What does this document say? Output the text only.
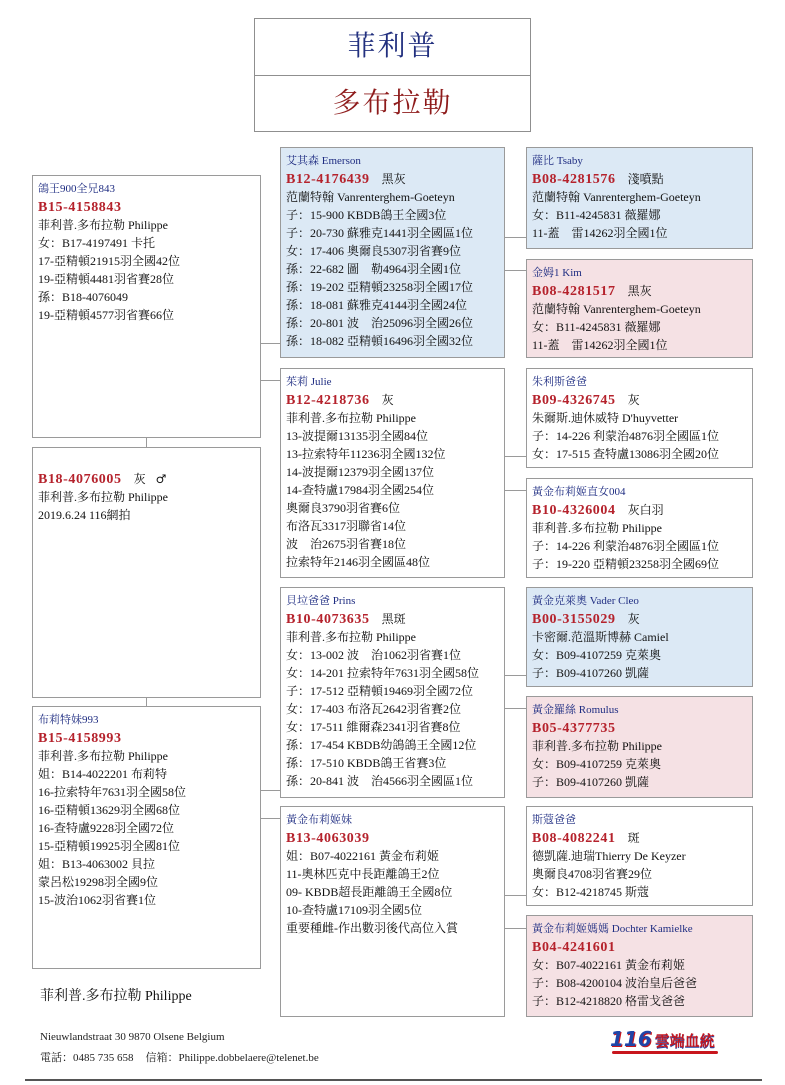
菲利普
多布拉勒
鴿王900全兄843
B15-4158843
菲利普.多布拉勒 Philippe
女：B17-4197491 卡托
17-亞精頓21915羽全國42位
19-亞精頓4481羽省賽28位
孫：B18-4076049
19-亞精頓4577羽省賽66位
B18-4076005 灰 ♂
菲利普.多布拉勒 Philippe
2019.6.24 116網拍
布莉特妹993
B15-4158993
菲利普.多布拉勒 Philippe
姐：B14-4022201 布莉特
16-拉索特年7631羽全國58位
16-亞精頓13629羽全國68位
16-查特盧9228羽全國72位
15-亞精頓19925羽全國81位
姐：B13-4063002 貝拉
蒙呂松19298羽全國9位
15-波治1062羽省賽1位
艾其森 Emerson
B12-4176439 黑灰
范蘭特翰 Vanrenterghem-Goeteyn
子：15-900 KBDB鴿王全國3位
子：20-730 蘇雅克1441羽全國區1位
女：17-406 奧爾良5307羽省賽9位
孫：22-682 圖　勒4964羽全國1位
孫：19-202 亞精頓23258羽全國17位
孫：18-081 蘇雅克4144羽全國24位
孫：20-801 波　治25096羽全國26位
孫：18-082 亞精頓16496羽全國32位
茱莉 Julie
B12-4218736 灰
菲利普.多布拉勒 Philippe
13-波提爾13135羽全國84位
13-拉索特年11236羽全國132位
14-波提爾12379羽全國137位
14-查特盧17984羽全國254位
奧爾良3790羽省賽6位
布洛瓦3317羽聯省14位
波　治2675羽省賽18位
拉索特年2146羽全國區48位
貝垃爸爸 Prins
B10-4073635 黑斑
菲利普.多布拉勒 Philippe
女：13-002 波　治1062羽省賽1位
女：14-201 拉索特年7631羽全國58位
子：17-512 亞精頓19469羽全國72位
女：17-403 布洛瓦2642羽省賽2位
女：17-511 維爾森2341羽省賽8位
孫：17-454 KBDB幼鴿鴿王全國12位
孫：17-510 KBDB鴿王省賽3位
孫：20-841 波　治4566羽全國區1位
黃金布莉姬妹
B13-4063039
姐：B07-4022161 黃金布莉姬
11-奧林匹克中長距離鴿王2位
09- KBDB超長距離鴿王全國8位
10-查特盧17109羽全國5位
重要種雌-作出數羽後代高位入賞
薩比 Tsaby
B08-4281576 淺噴點
范蘭特翰 Vanrenterghem-Goeteyn
女：B11-4245831 薇羅娜
11-蓋　雷14262羽全國1位
金姆1 Kim
B08-4281517 黑灰
范蘭特翰 Vanrenterghem-Goeteyn
女：B11-4245831 薇羅娜
11-蓋　雷14262羽全國1位
朱利斯爸爸
B09-4326745 灰
朱爾斯.迪休威特 D'huyvetter
子：14-226 利蒙治4876羽全國區1位
女：17-515 查特盧13086羽全國20位
黃金布莉姬直女004
B10-4326004 灰白羽
菲利普.多布拉勒 Philippe
子：14-226 利蒙治4876羽全國區1位
子：19-220 亞精頓23258羽全國69位
黃金克萊奧 Vader Cleo
B00-3155029 灰
卡密爾.范溫斯博赫 Camiel
女：B09-4107259 克萊奧
子：B09-4107260 凱薩
黃金羅絲 Romulus
B05-4377735
菲利普.多布拉勒 Philippe
女：B09-4107259 克萊奧
子：B09-4107260 凱薩
斯蔻爸爸
B08-4082241 斑
德凱薩.迪瑞Thierry De Keyzer
奧爾良4708羽省賽29位
女：B12-4218745 斯蔻
黃金布莉姬媽媽 Dochter Kamielke
B04-4241601
女：B07-4022161 黃金布莉姬
子：B08-4200104 波治皇后爸爸
子：B12-4218820 格雷戈爸爸
菲利普.多布拉勒 Philippe
Nieuwlandstraat 30 9870 Olsene Belgium
電話：0485 735 658 信箱：Philippe.dobbelaere@telenet.be
116 雲端血統
